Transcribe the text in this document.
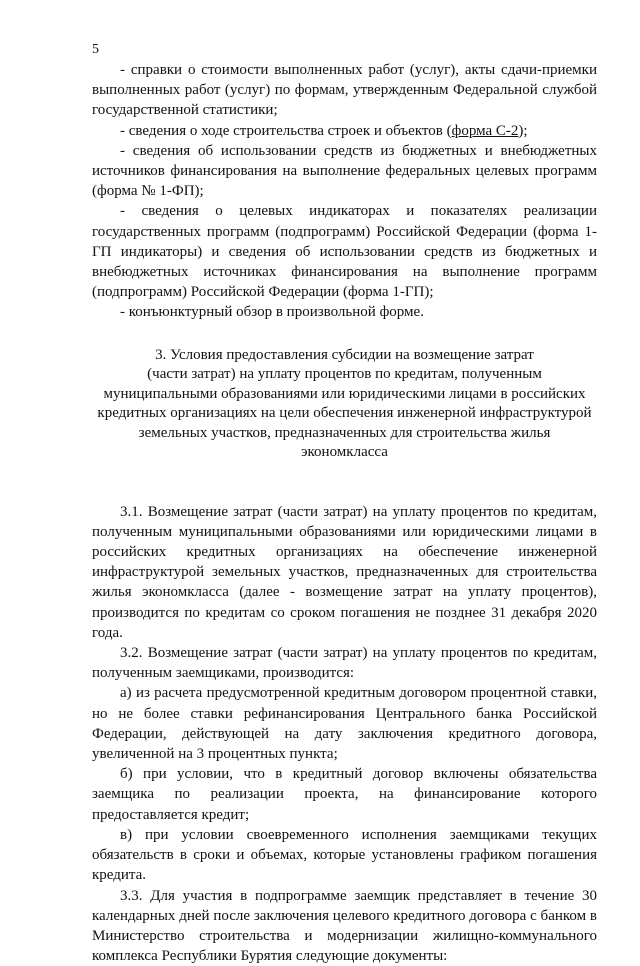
5

- справки о стоимости выполненных работ (услуг), акты сдачи-приемки выполненных работ (услуг) по формам, утвержденным Федеральной службой государственной статистики;

- сведения о ходе строительства строек и объектов (форма С-2);

- сведения об использовании средств из бюджетных и внебюджетных источников финансирования на выполнение федеральных целевых программ (форма № 1-ФП);

- сведения о целевых индикаторах и показателях реализации государственных программ (подпрограмм) Российской Федерации (форма 1-ГП индикаторы) и сведения об использовании средств из бюджетных и внебюджетных источниках финансирования на выполнение программ (подпрограмм) Российской Федерации (форма 1-ГП);

- конъюнктурный обзор в произвольной форме.

3. Условия предоставления субсидии на возмещение затрат
(части затрат) на уплату процентов по кредитам, полученным
муниципальными образованиями или юридическими лицами в российских
кредитных организациях на цели обеспечения инженерной инфраструктурой
земельных участков, предназначенных для строительства жилья
экономкласса

3.1. Возмещение затрат (части затрат) на уплату процентов по кредитам, полученным муниципальными образованиями или юридическими лицами в российских кредитных организациях на обеспечение инженерной инфраструктурой земельных участков, предназначенных для строительства жилья экономкласса (далее - возмещение затрат на уплату процентов), производится по кредитам со сроком погашения не позднее 31 декабря 2020 года.

3.2. Возмещение затрат (части затрат) на уплату процентов по кредитам, полученным заемщиками, производится:

а) из расчета предусмотренной кредитным договором процентной ставки, но не более ставки рефинансирования Центрального банка Российской Федерации, действующей на дату заключения кредитного договора, увеличенной на 3 процентных пункта;

б) при условии, что в кредитный договор включены обязательства заемщика по реализации проекта, на финансирование которого предоставляется кредит;

в) при условии своевременного исполнения заемщиками текущих обязательств в сроки и объемах, которые установлены графиком погашения кредита.

3.3. Для участия в подпрограмме заемщик представляет в течение 30 календарных дней после заключения целевого кредитного договора с банком в Министерство строительства и модернизации жилищно-коммунального комплекса Республики Бурятия следующие документы:
